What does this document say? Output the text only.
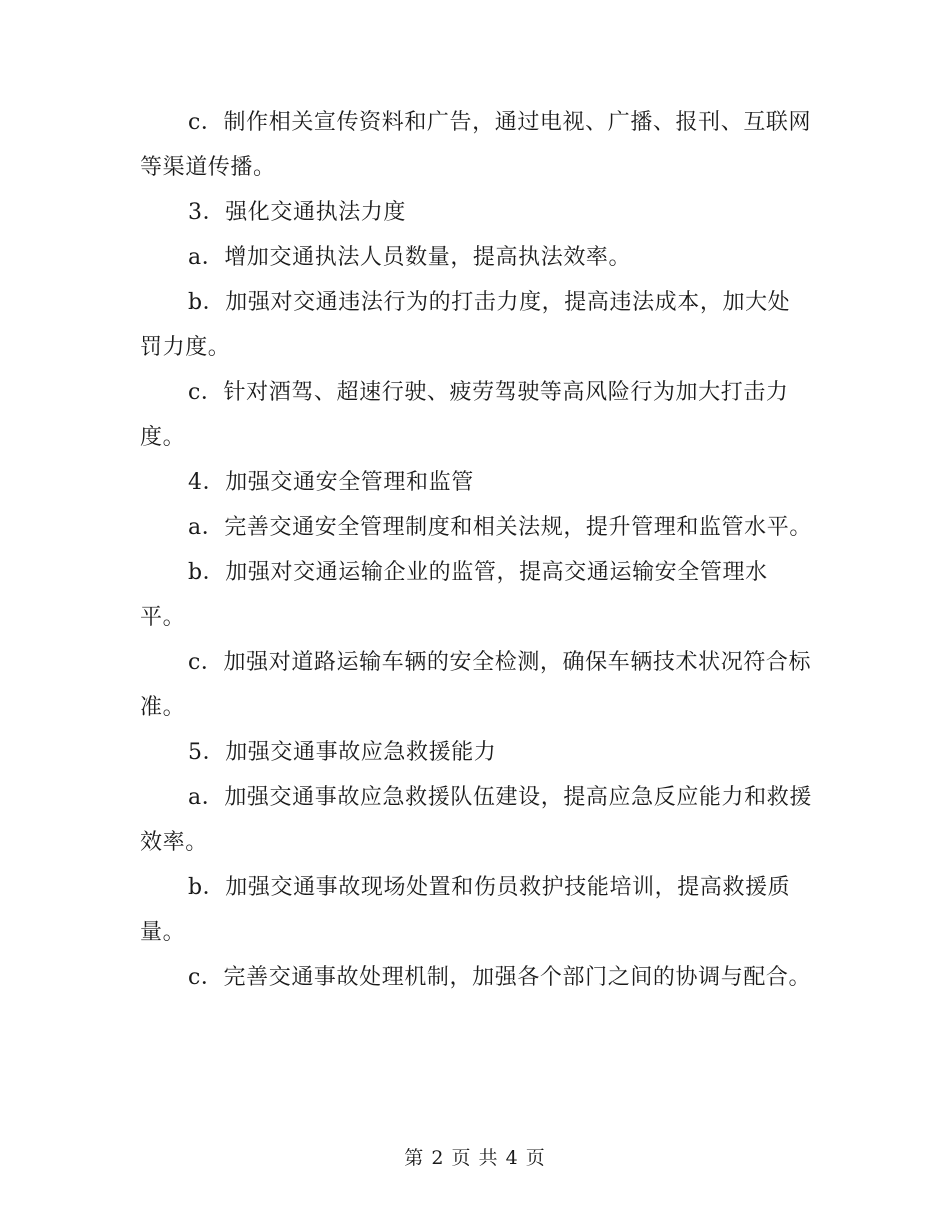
c．制作相关宣传资料和广告，通过电视、广播、报刊、互联网等渠道传播。

3．强化交通执法力度

a．增加交通执法人员数量，提高执法效率。

b．加强对交通违法行为的打击力度，提高违法成本，加大处罚力度。

c．针对酒驾、超速行驶、疲劳驾驶等高风险行为加大打击力度。

4．加强交通安全管理和监管

a．完善交通安全管理制度和相关法规，提升管理和监管水平。

b．加强对交通运输企业的监管，提高交通运输安全管理水平。

c．加强对道路运输车辆的安全检测，确保车辆技术状况符合标准。

5．加强交通事故应急救援能力

a．加强交通事故应急救援队伍建设，提高应急反应能力和救援效率。

b．加强交通事故现场处置和伤员救护技能培训，提高救援质量。

c．完善交通事故处理机制，加强各个部门之间的协调与配合。

第 2 页 共 4 页
